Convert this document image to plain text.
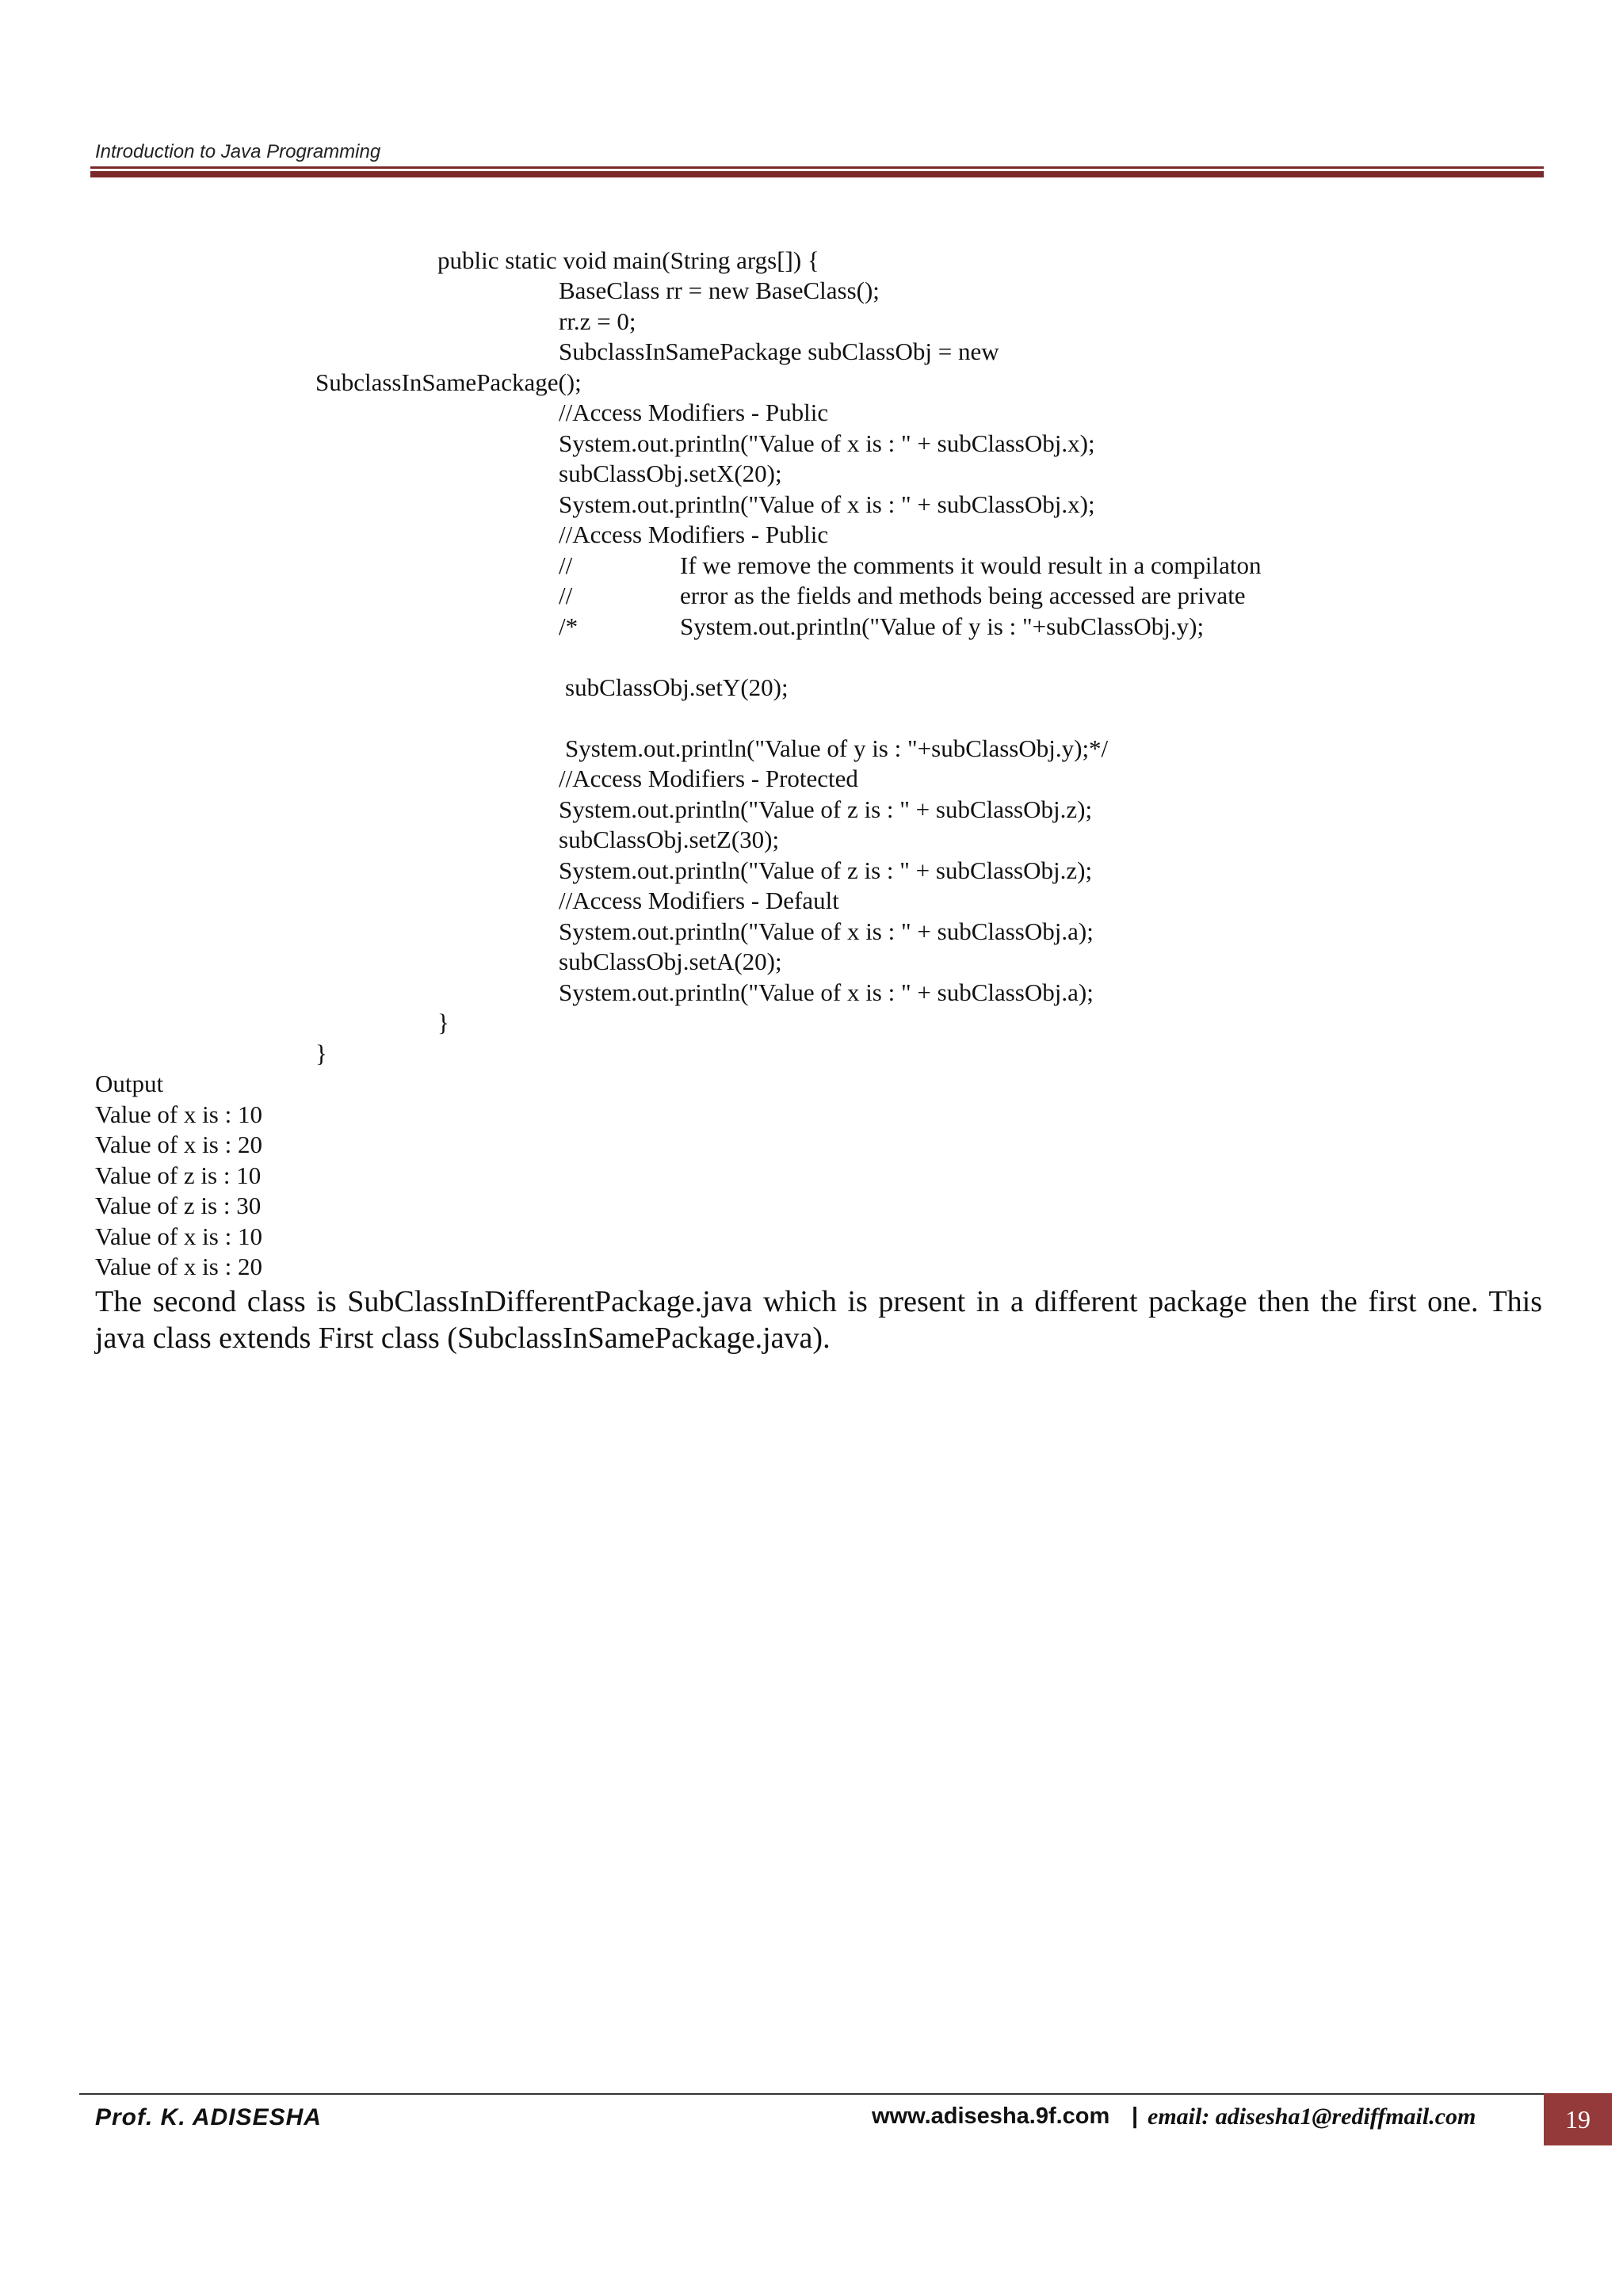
Introduction to Java Programming
public static void main(String args[]) {
BaseClass rr = new BaseClass();
rr.z = 0;
SubclassInSamePackage subClassObj = new
SubclassInSamePackage();
//Access Modifiers - Public
System.out.println("Value of x is : " + subClassObj.x);
subClassObj.setX(20);
System.out.println("Value of x is : " + subClassObj.x);
//Access Modifiers - Public
//	If we remove the comments it would result in a compilaton
//	error as the fields and methods being accessed are private
/*	System.out.println("Value of y is : "+subClassObj.y);
subClassObj.setY(20);
System.out.println("Value of y is : "+subClassObj.y);*/
//Access Modifiers - Protected
System.out.println("Value of z is : " + subClassObj.z);
subClassObj.setZ(30);
System.out.println("Value of z is : " + subClassObj.z);
//Access Modifiers - Default
System.out.println("Value of x is : " + subClassObj.a);
subClassObj.setA(20);
System.out.println("Value of x is : " + subClassObj.a);
}
}
Output
Value of x is : 10
Value of x is : 20
Value of z is : 10
Value of z is : 30
Value of x is : 10
Value of x is : 20
The second class is SubClassInDifferentPackage.java which is present in a different package then the first one. This java class extends First class (SubclassInSamePackage.java).
Prof. K. ADISESHA	www.adisesha.9f.com | email: adisesha1@rediffmail.com	19
